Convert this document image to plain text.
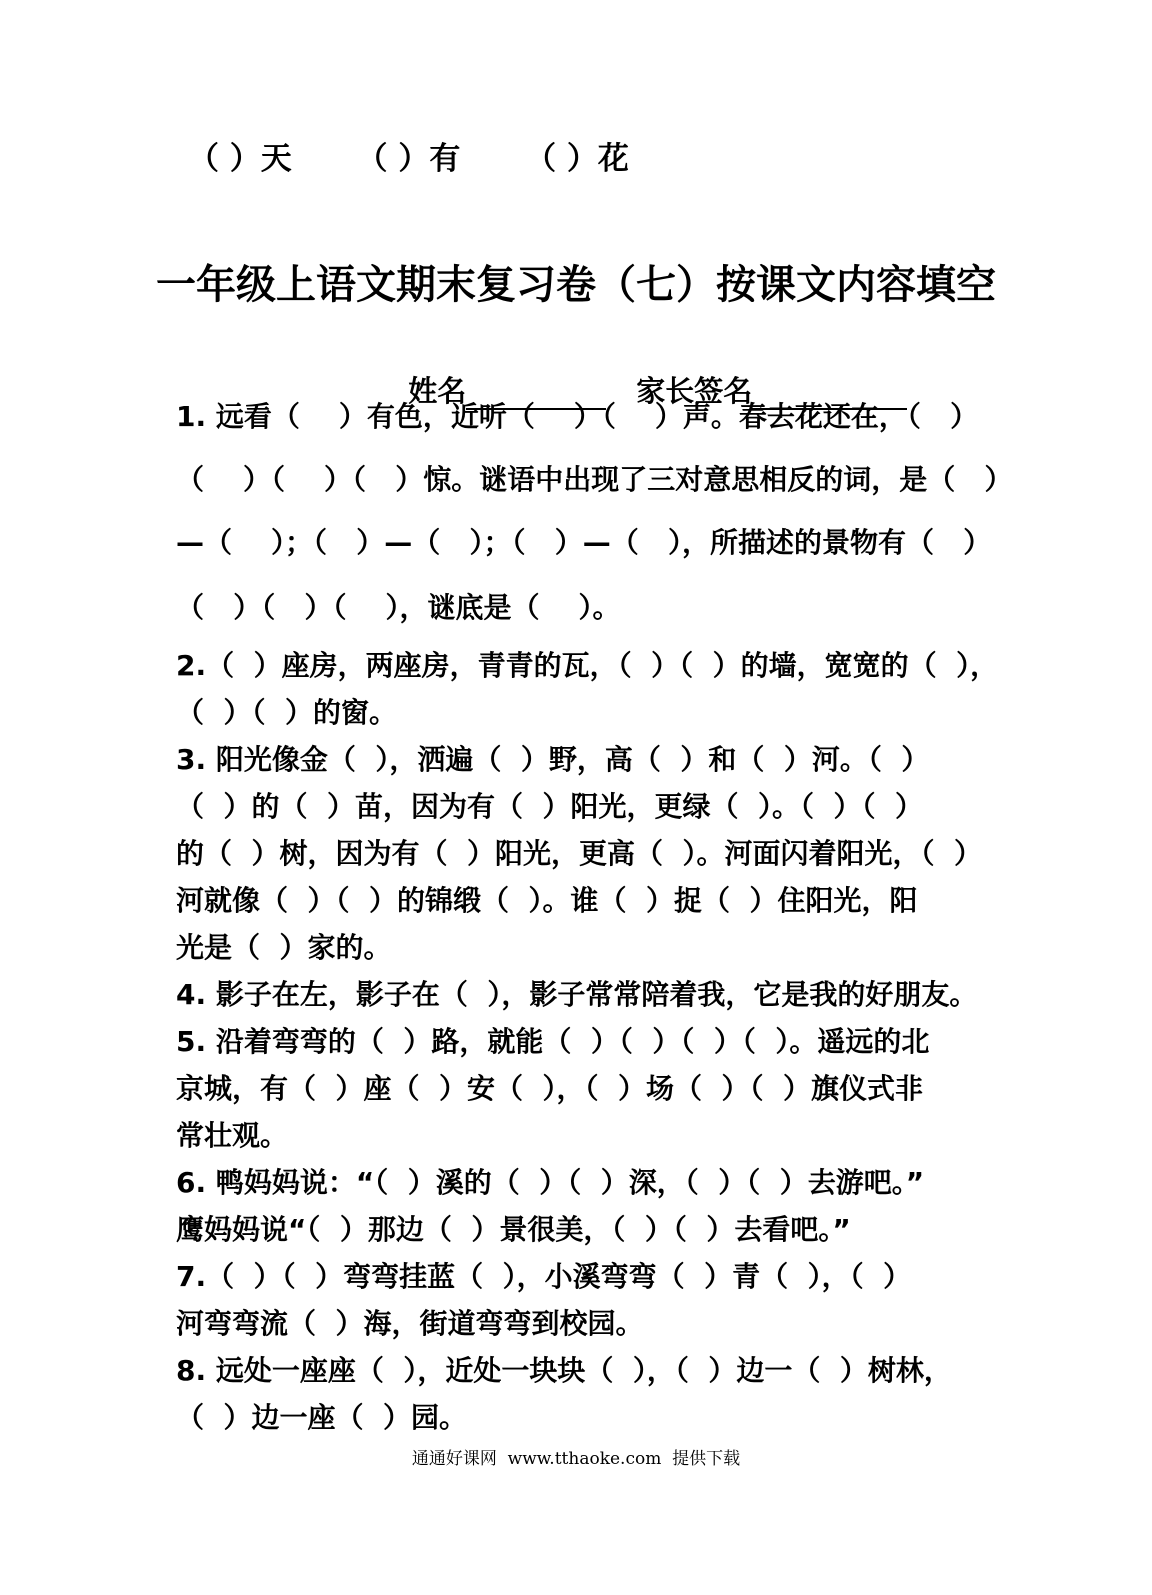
（ ）天      （ ）有      （ ）花
一年级上语文期末复习卷（七）按课文内容填空

姓名	家长签名

1. 远看（    ）有色，近听（    ）（    ）声。春去花还在，（   ）
（    ）（    ）（   ）惊。谜语中出现了三对意思相反的词，是（   ）
—（    ）；（   ）—（   ）；（   ）—（   ），所描述的景物有（   ）
（   ）（   ）（    ），谜底是（    ）。
2.（  ）座房，两座房，青青的瓦，（  ）（  ）的墙，宽宽的（  ），
（  ）（  ）的窗。
3. 阳光像金（  ），洒遍（  ）野，高（  ）和（  ）河。（  ）
（  ）的（  ）苗，因为有（  ）阳光，更绿（  ）。（  ）（  ）
的（  ）树，因为有（  ）阳光，更高（  ）。河面闪着阳光，（  ）
河就像（  ）（  ）的锦缎（  ）。谁（  ）捉（  ）住阳光，阳
光是（  ）家的。
4. 影子在左，影子在（  ），影子常常陪着我，它是我的好朋友。
5. 沿着弯弯的（  ）路，就能（  ）（  ）（  ）（  ）。遥远的北
京城，有（  ）座（  ）安（  ），（  ）场（  ）（  ）旗仪式非
常壮观。
6. 鸭妈妈说：“（  ）溪的（  ）（  ）深，（  ）（  ）去游吧。”
鹰妈妈说“（  ）那边（  ）景很美，（  ）（  ）去看吧。”
7.（  ）（  ）弯弯挂蓝（  ），小溪弯弯（  ）青（  ），（  ）
河弯弯流（  ）海，街道弯弯到校园。
8. 远处一座座（  ），近处一块块（  ），（  ）边一（  ）树林，
（  ）边一座（  ）园。
通通好课网  www.tthaoke.com  提供下载
